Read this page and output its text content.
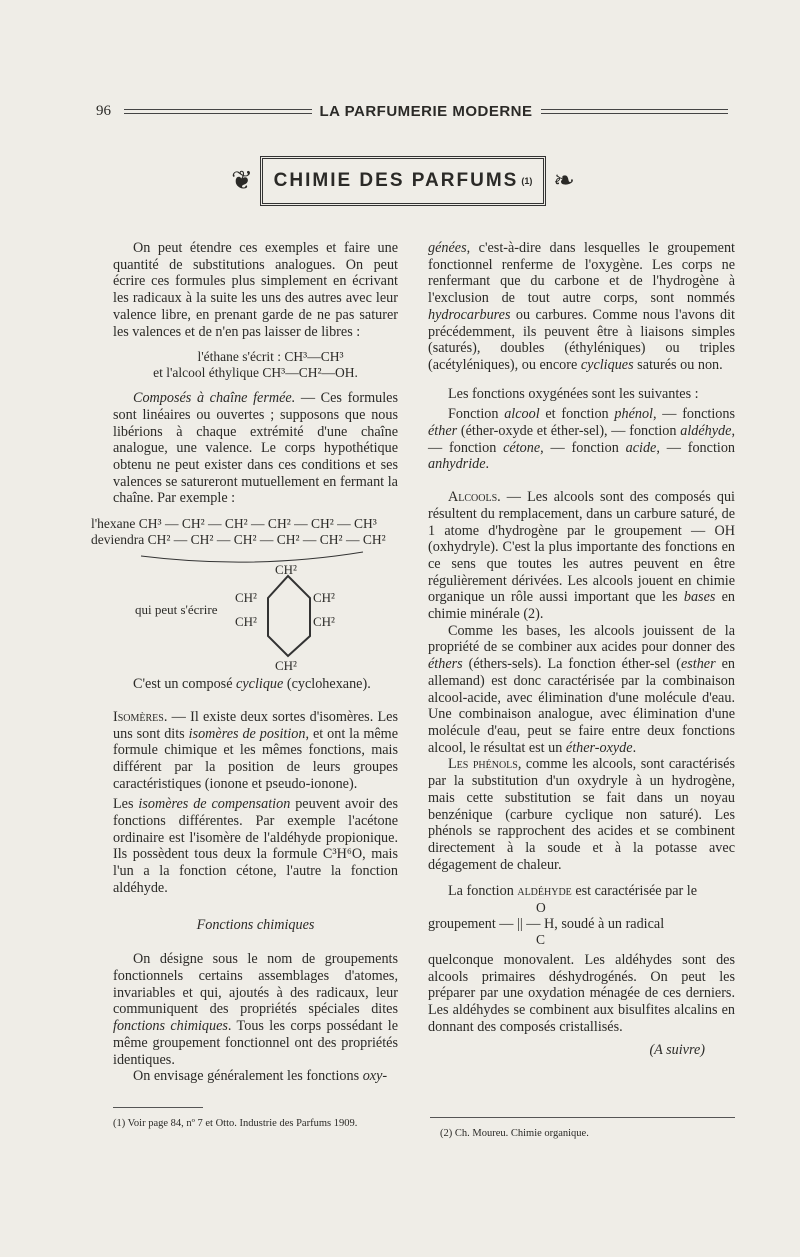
96	LA PARFUMERIE MODERNE
❦ CHIMIE DES PARFUMS (1) ❧

On peut étendre ces exemples et faire une quantité de substitutions analogues. On peut écrire ces formules plus simplement en écrivant les radicaux à la suite les uns des autres avec leur valence libre, en prenant garde de ne pas saturer les valences et de n'en pas laisser de libres :

l'éthane s'écrit : CH³—CH³

et l'alcool éthylique CH³—CH²—OH.

Composés à chaîne fermée. — Ces formules sont linéaires ou ouvertes ; supposons que nous libérions à chaque extrémité d'une chaîne analogue, une valence. Le corps hypothétique obtenu ne peut exister dans ces conditions et ses valences se satureront mutuellement en fermant la chaîne. Par exemple :

l'hexane CH³ — CH² — CH² — CH² — CH² — CH³

deviendra CH² — CH² — CH² — CH² — CH² — CH²

CH²
CH²	CH²
qui peut s'écrire
CH²	CH²
CH²

C'est un composé cyclique (cyclohexane).

Isomères. — Il existe deux sortes d'isomères. Les uns sont dits isomères de position, et ont la même formule chimique et les mêmes fonctions, mais différent par la position de leurs groupes caractéristiques (ionone et pseudo-ionone).

Les isomères de compensation peuvent avoir des fonctions différentes. Par exemple l'acétone ordinaire est l'isomère de l'aldéhyde propionique. Ils possèdent tous deux la formule C³H⁶O, mais l'un a la fonction cétone, l'autre la fonction aldéhyde.

Fonctions chimiques

On désigne sous le nom de groupements fonctionnels certains assemblages d'atomes, invariables et qui, ajoutés à des radicaux, leur communiquent des propriétés spéciales dites fonctions chimiques. Tous les corps possédant le même groupement fonctionnel ont des propriétés identiques.

On envisage généralement les fonctions oxy-

(1) Voir page 84, nº 7 et Otto. Industrie des Parfums 1909.

génées, c'est-à-dire dans lesquelles le groupement fonctionnel renferme de l'oxygène. Les corps ne renfermant que du carbone et de l'hydrogène à l'exclusion de tout autre corps, sont nommés hydrocarbures ou carbures. Comme nous l'avons dit précédemment, ils peuvent être à liaisons simples (saturés), doubles (éthyléniques) ou triples (acétyléniques), ou encore cycliques saturés ou non.

Les fonctions oxygénées sont les suivantes :

Fonction alcool et fonction phénol, — fonctions éther (éther-oxyde et éther-sel), — fonction aldéhyde, — fonction cétone, — fonction acide, — fonction anhydride.

Alcools. — Les alcools sont des composés qui résultent du remplacement, dans un carbure saturé, de 1 atome d'hydrogène par le groupement — OH (oxhydryle). C'est la plus importante des fonctions en ce sens que toutes les autres peuvent en être régulièrement dérivées. Les alcools jouent en chimie organique un rôle aussi important que les bases en chimie minérale (2).

Comme les bases, les alcools jouissent de la propriété de se combiner aux acides pour donner des éthers (éthers-sels). La fonction éther-sel (esther en allemand) est donc caractérisée par la combinaison alcool-acide, avec élimination d'une molécule d'eau. Une combinaison analogue, avec élimination d'une molécule d'eau, peut se faire entre deux fonctions alcool, le résultat est un éther-oxyde.

Les phénols, comme les alcools, sont caractérisés par la substitution d'un oxydryle à un hydrogène, mais cette substitution se fait dans un noyau benzénique (carbure cyclique non saturé). Les phénols se rapprochent des acides et se combinent directement à la soude et à la potasse avec dégagement de chaleur.

La fonction aldéhyde est caractérisée par le

O
groupement — || — H, soudé à un radical
C

quelconque monovalent. Les aldéhydes sont des alcools primaires déshydrogénés. On peut les préparer par une oxydation ménagée de ces derniers. Les aldéhydes se combinent aux bisulfites alcalins en donnant des composés cristallisés.

(A suivre)

(2) Ch. Moureu. Chimie organique.
